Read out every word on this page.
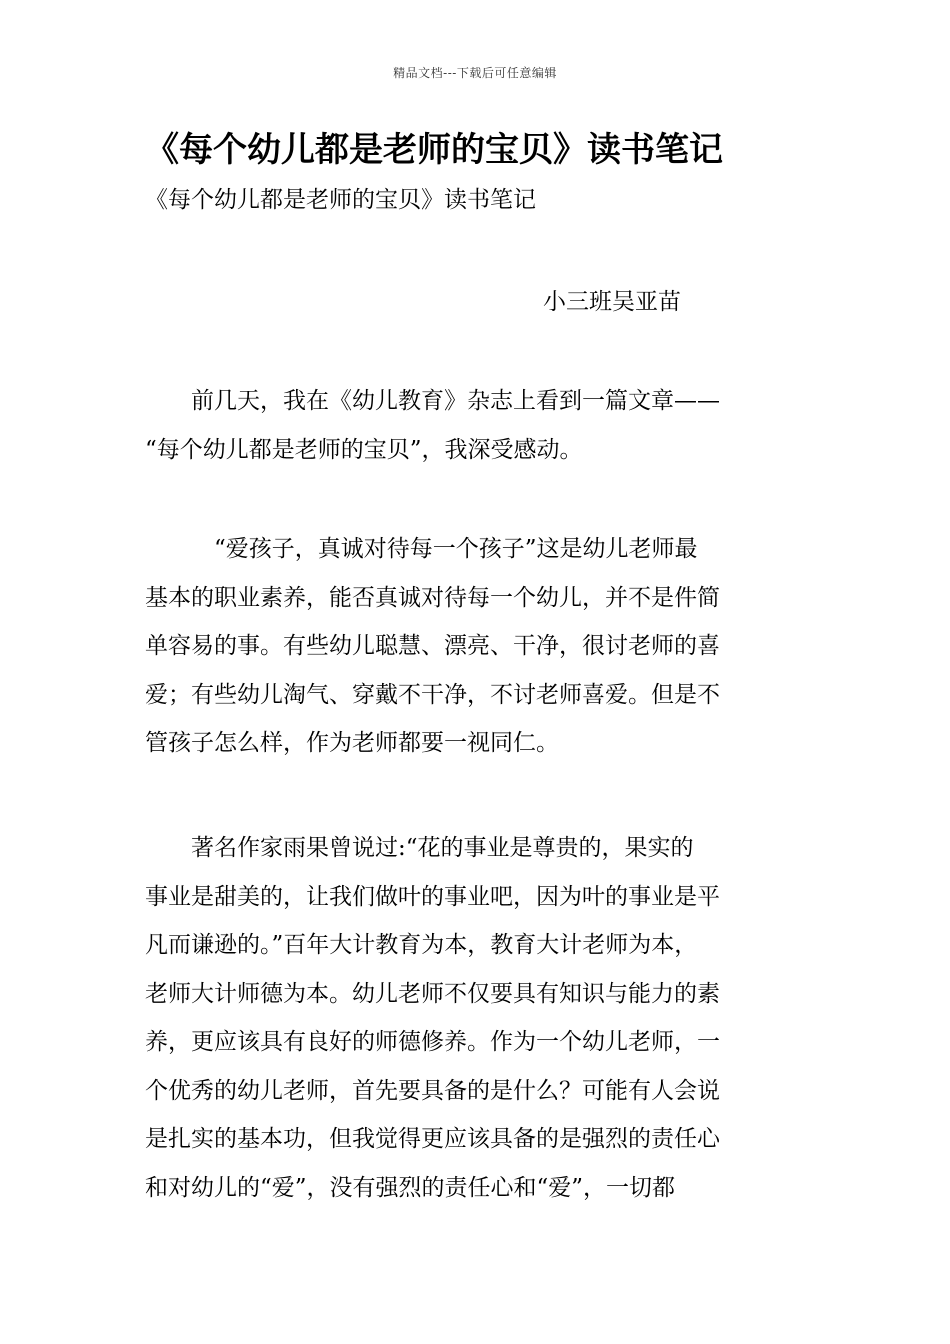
精品文档---下载后可任意编辑
《每个幼儿都是老师的宝贝》读书笔记
《每个幼儿都是老师的宝贝》读书笔记
小三班吴亚苗
　　前几天，我在《幼儿教育》杂志上看到一篇文章——
“每个幼儿都是老师的宝贝”，我深受感动。
　　　“爱孩子，真诚对待每一个孩子”这是幼儿老师最
基本的职业素养，能否真诚对待每一个幼儿，并不是件简
单容易的事。有些幼儿聪慧、漂亮、干净，很讨老师的喜
爱；有些幼儿淘气、穿戴不干净，不讨老师喜爱。但是不
管孩子怎么样，作为老师都要一视同仁。
　　著名作家雨果曾说过:“花的事业是尊贵的，果实的
事业是甜美的，让我们做叶的事业吧，因为叶的事业是平
凡而谦逊的。”百年大计教育为本，教育大计老师为本，
老师大计师德为本。幼儿老师不仅要具有知识与能力的素
养，更应该具有良好的师德修养。作为一个幼儿老师，一
个优秀的幼儿老师，首先要具备的是什么？可能有人会说
是扎实的基本功，但我觉得更应该具备的是强烈的责任心
和对幼儿的“爱”，没有强烈的责任心和“爱”，一切都
